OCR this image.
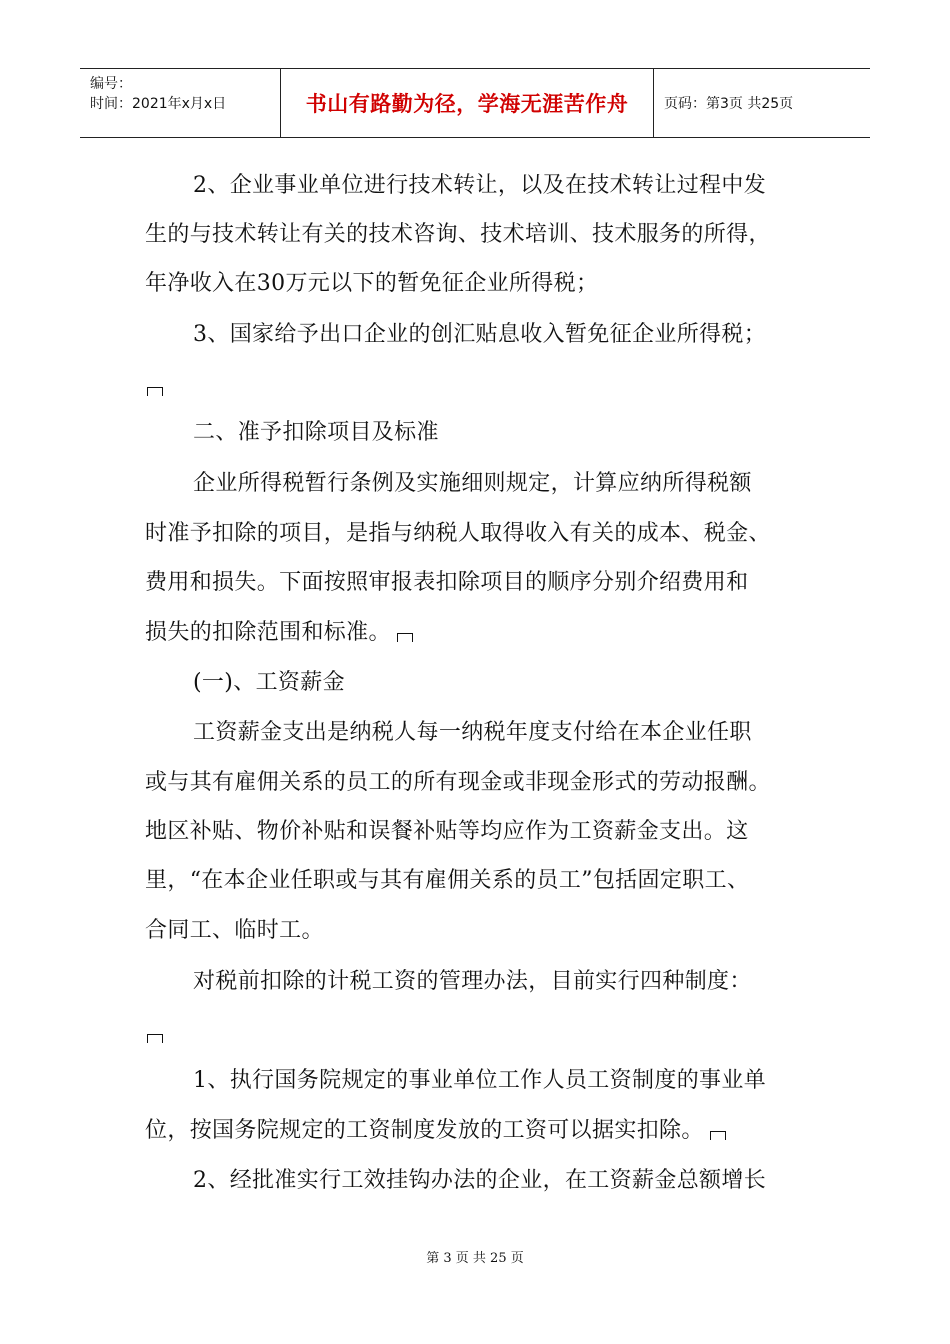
编号：
时间：2021年x月x日	书山有路勤为径，学海无涯苦作舟	页码：第3页 共25页
2、企业事业单位进行技术转让，以及在技术转让过程中发
生的与技术转让有关的技术咨询、技术培训、技术服务的所得，
年净收入在30万元以下的暂免征企业所得税；
3、国家给予出口企业的创汇贴息收入暂免征企业所得税；
二、准予扣除项目及标准
企业所得税暂行条例及实施细则规定，计算应纳所得税额
时准予扣除的项目，是指与纳税人取得收入有关的成本、税金、
费用和损失。下面按照审报表扣除项目的顺序分别介绍费用和
损失的扣除范围和标准。
(一)、工资薪金
工资薪金支出是纳税人每一纳税年度支付给在本企业任职
或与其有雇佣关系的员工的所有现金或非现金形式的劳动报酬。
地区补贴、物价补贴和误餐补贴等均应作为工资薪金支出。这
里，“在本企业任职或与其有雇佣关系的员工”包括固定职工、
合同工、临时工。
对税前扣除的计税工资的管理办法，目前实行四种制度：
1、执行国务院规定的事业单位工作人员工资制度的事业单
位，按国务院规定的工资制度发放的工资可以据实扣除。
2、经批准实行工效挂钩办法的企业，在工资薪金总额增长
第 3 页 共 25 页
